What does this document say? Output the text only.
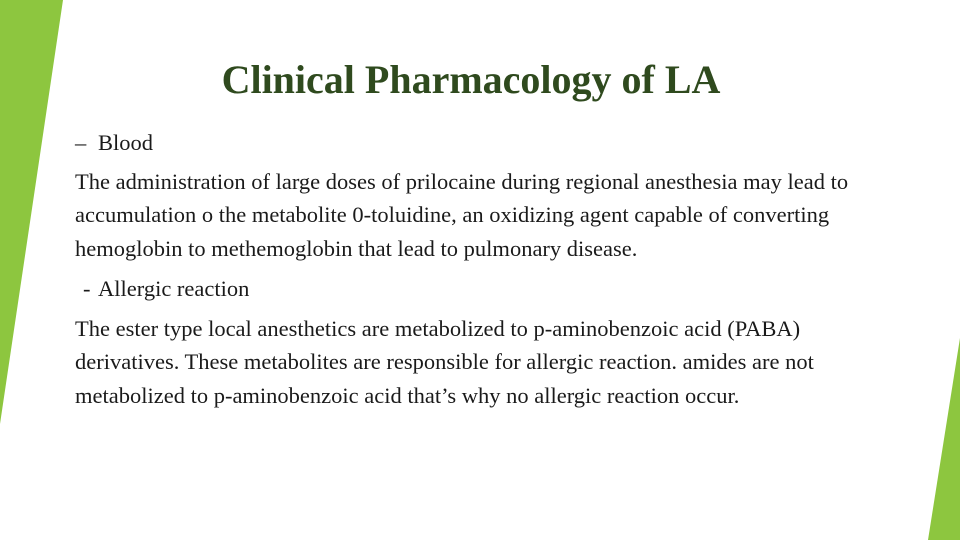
Clinical Pharmacology of LA
– Blood

The administration of large doses of prilocaine during regional anesthesia may lead to accumulation o the metabolite 0-toluidine, an oxidizing agent capable of converting hemoglobin to methemoglobin that lead to pulmonary disease.

- Allergic reaction

The ester type local anesthetics are metabolized to p-aminobenzoic acid (PABA) derivatives. These metabolites are responsible for allergic reaction. amides are not metabolized to p-aminobenzoic acid that’s why no allergic reaction occur.
